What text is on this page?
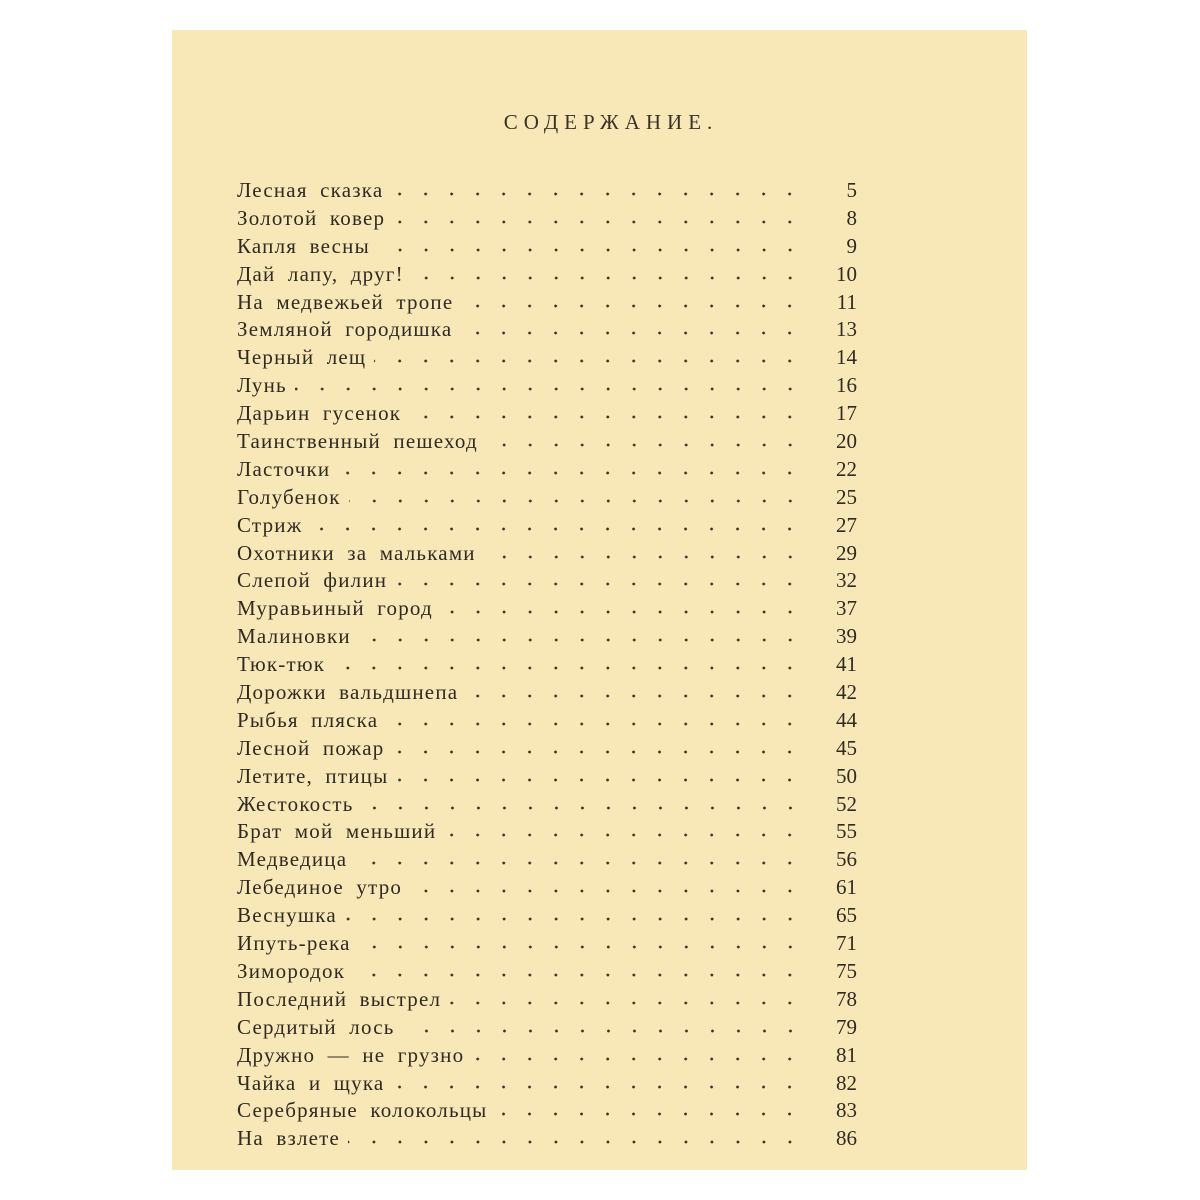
СОДЕРЖАНИЕ.
Лесная сказка	5
Золотой ковер	8
Капля весны	9
Дай лапу, друг!	10
На медвежьей тропе	11
Земляной городишка	13
Черный лещ	14
Лунь	16
Дарьин гусенок	17
Таинственный пешеход	20
Ласточки	22
Голубенок	25
Стриж	27
Охотники за мальками	29
Слепой филин	32
Муравьиный город	37
Малиновки	39
Тюк-тюк	41
Дорожки вальдшнепа	42
Рыбья пляска	44
Лесной пожар	45
Летите, птицы	50
Жестокость	52
Брат мой меньший	55
Медведица	56
Лебединое утро	61
Веснушка	65
Ипуть-река	71
Зимородок	75
Последний выстрел	78
Сердитый лось	79
Дружно — не грузно	81
Чайка и щука	82
Серебряные колокольцы	83
На взлете	86
